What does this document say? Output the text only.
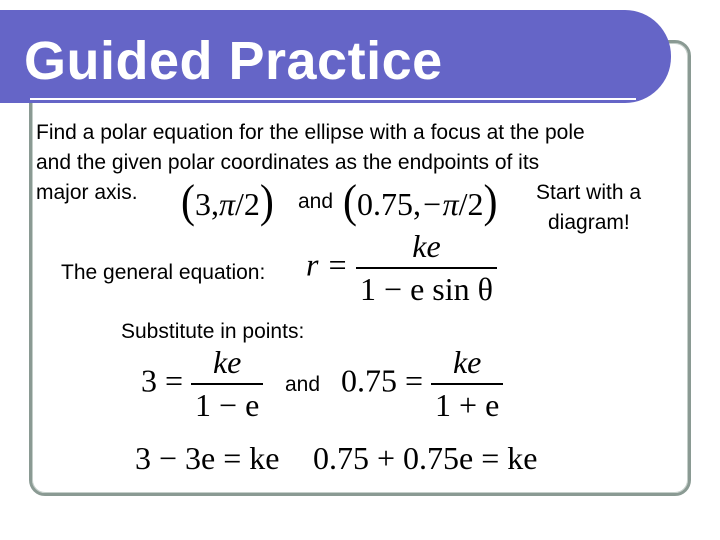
Guided Practice
Find a polar equation for the ellipse with a focus at the pole
and the given polar coordinates as the endpoints of its
major axis. (3,π/2) and (0.75,−π/2) Start with a
diagram!
The general equation: $r = \frac{ke}{\text{1 − e sin θ}}$
Substitute in points:
$3 = \frac{ke}{1 - e}$ and $0.75 = \frac{ke}{1 + e}$
3 − 3e = ke 0.75 + 0.75e = ke
